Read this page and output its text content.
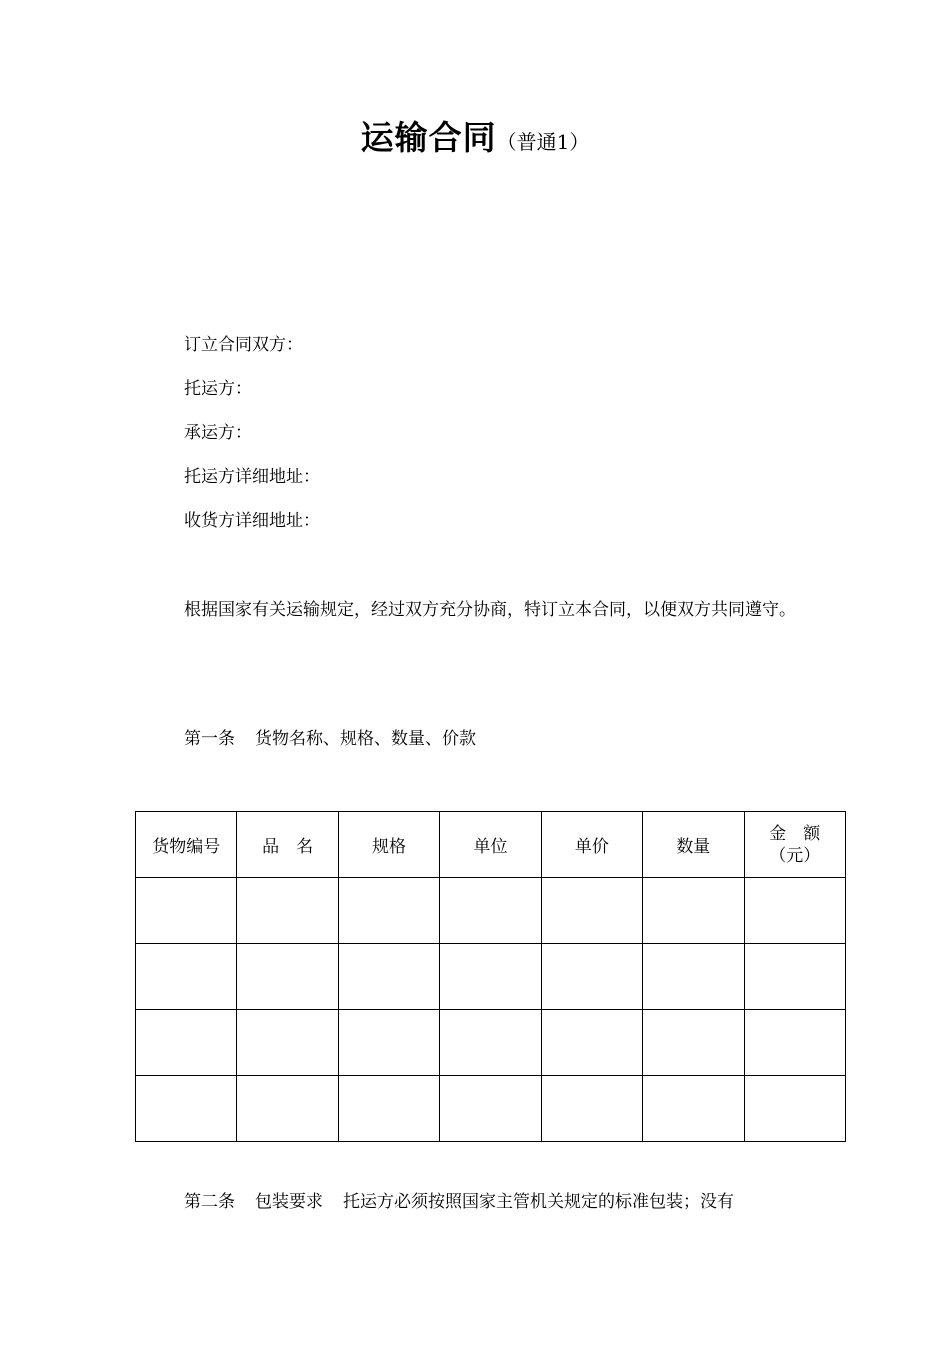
运输合同（普通1）
订立合同双方：
托运方：
承运方：
托运方详细地址：
收货方详细地址：
根据国家有关运输规定，经过双方充分协商，特订立本合同，以便双方共同遵守。
第一条 货物名称、规格、数量、价款
货物编号	品　名	规格	单位	单价	数量	金　额
（元）

第二条 包装要求 托运方必须按照国家主管机关规定的标准包装；没有
